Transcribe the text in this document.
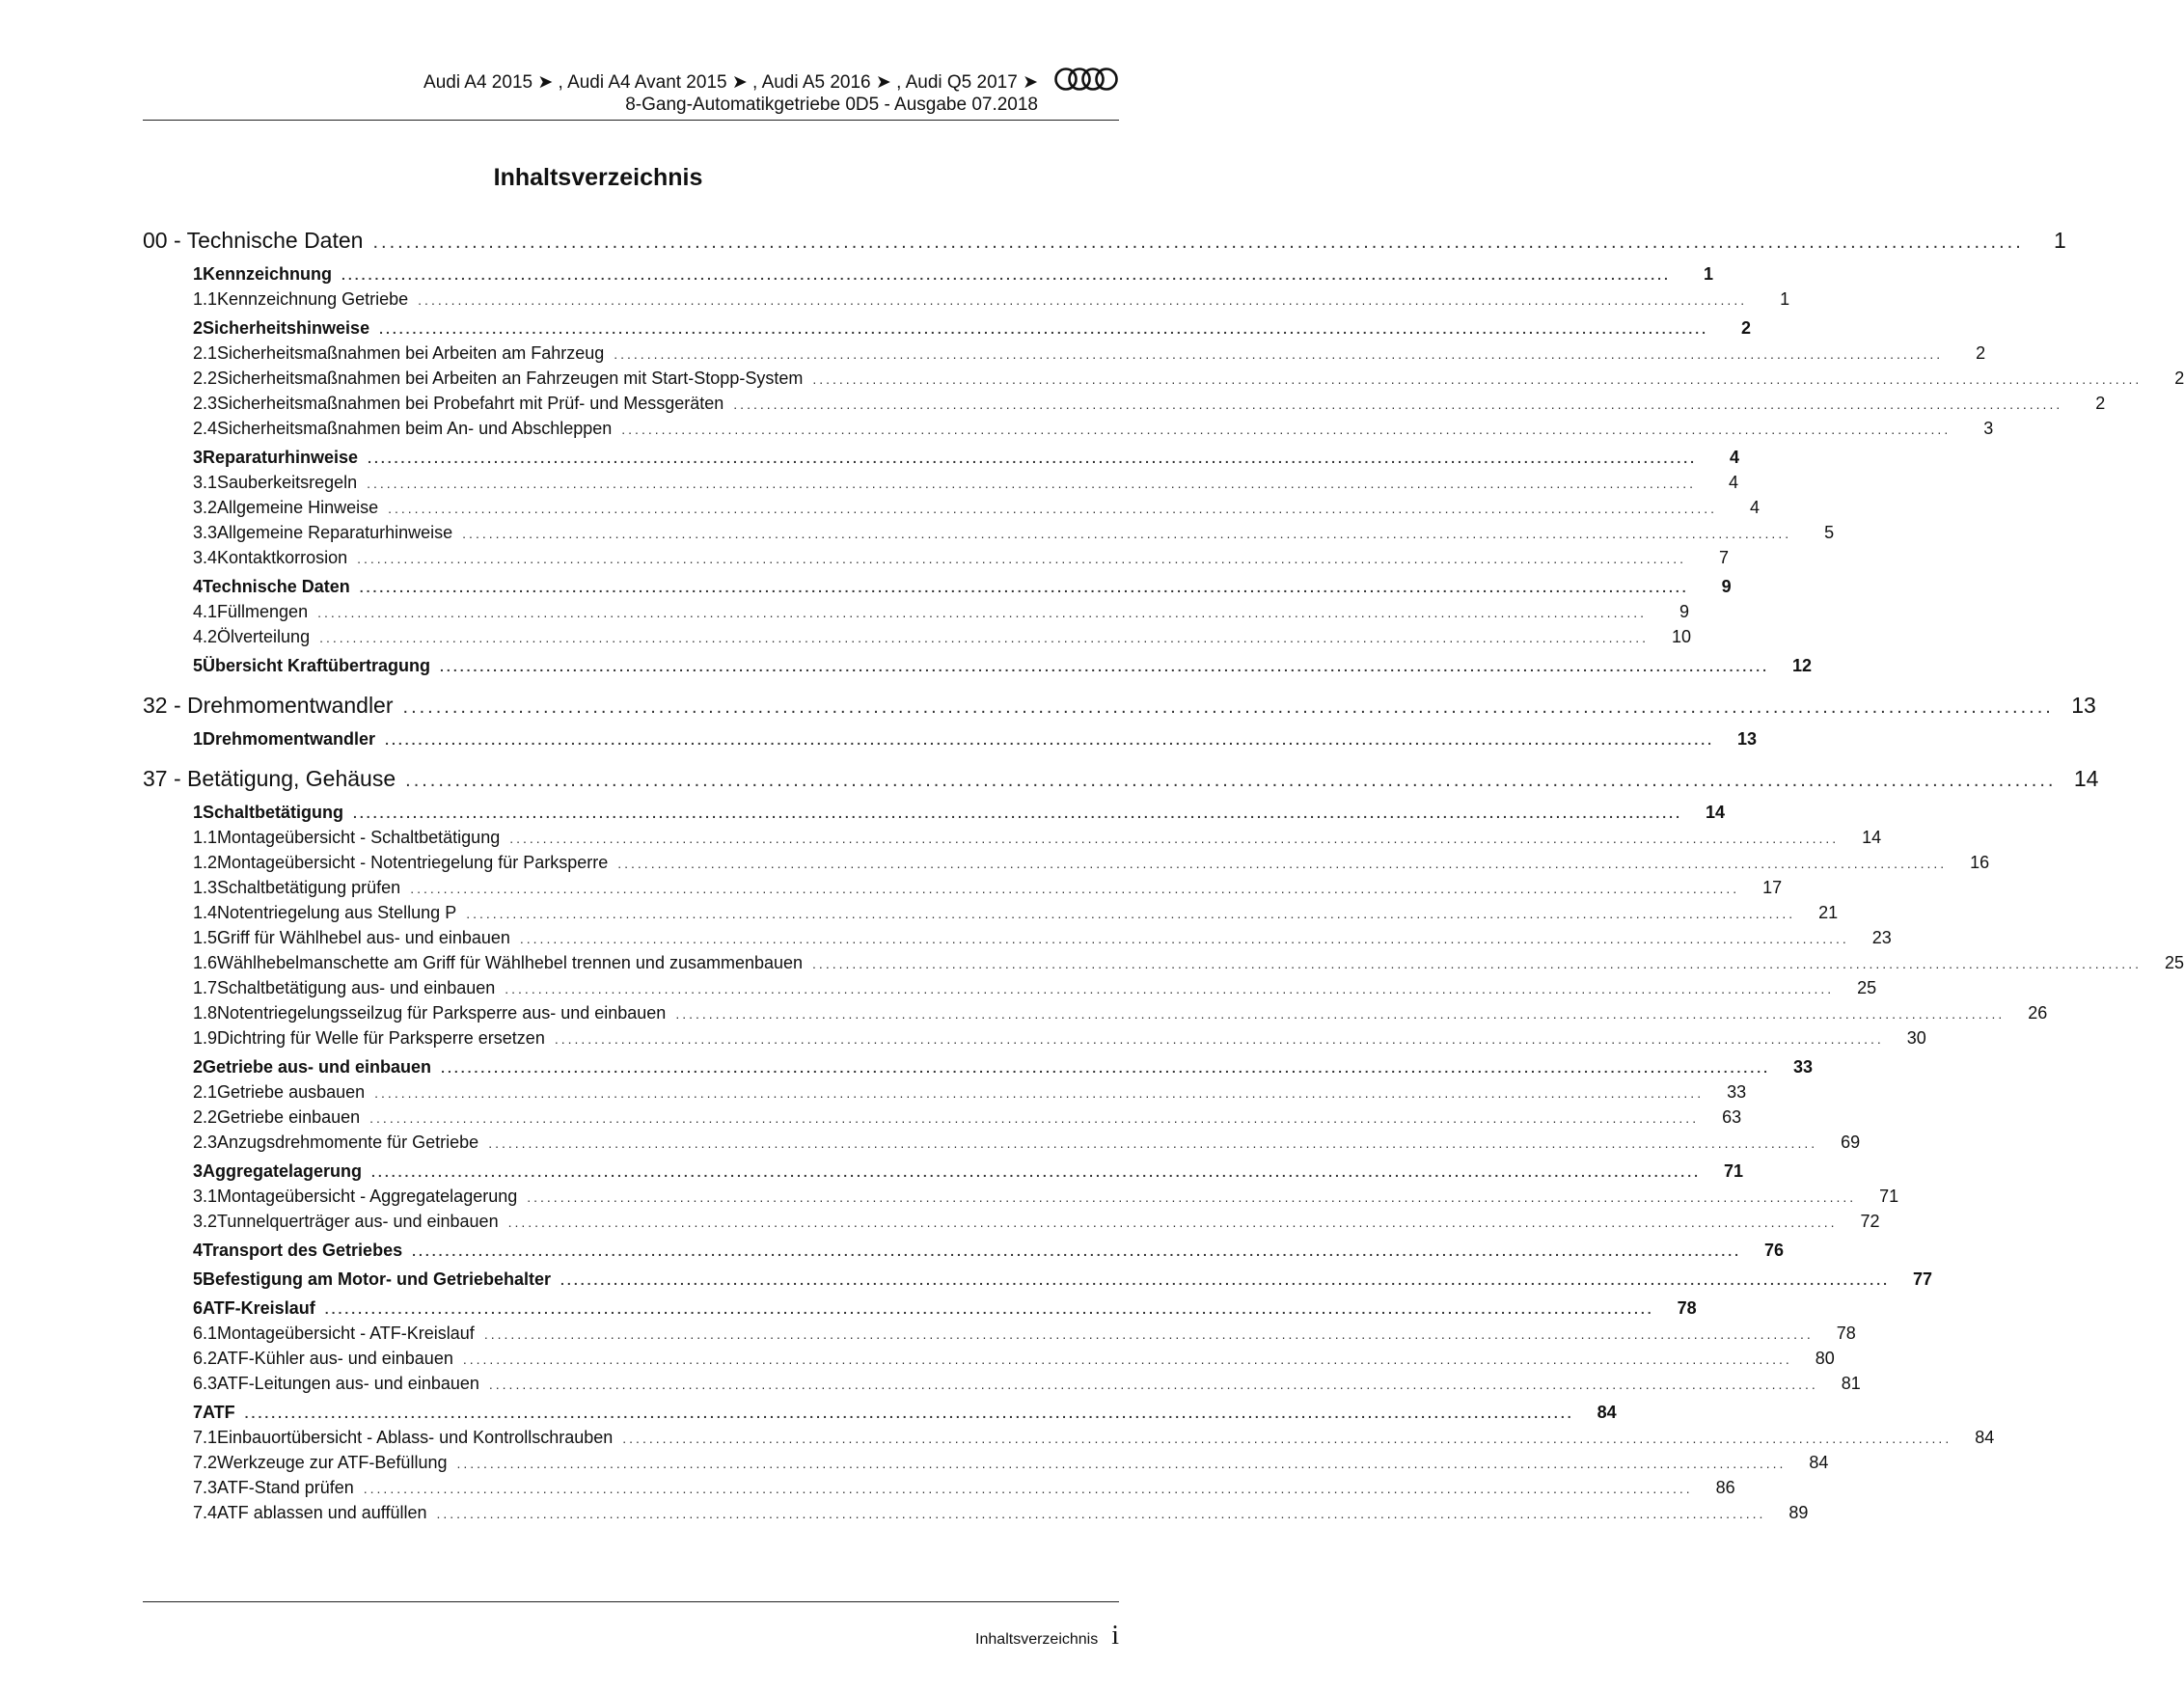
Audi A4 2015 ➤ , Audi A4 Avant 2015 ➤ , Audi A5 2016 ➤ , Audi Q5 2017 ➤
8-Gang-Automatikgetriebe 0D5 - Ausgabe 07.2018
Inhaltsverzeichnis
00 - Technische Daten ........................................................................................................................................................................................................	1
1 Kennzeichnung ........................................................................................................................................................................................................	1
1.1 Kennzeichnung Getriebe ........................................................................................................................................................................................................	1
2 Sicherheitshinweise ........................................................................................................................................................................................................	2
2.1 Sicherheitsmaßnahmen bei Arbeiten am Fahrzeug ........................................................................................................................................................................................................	2
2.2 Sicherheitsmaßnahmen bei Arbeiten an Fahrzeugen mit Start-Stopp-System ........................................................................................................................................................................................................	2
2.3 Sicherheitsmaßnahmen bei Probefahrt mit Prüf- und Messgeräten ........................................................................................................................................................................................................	2
2.4 Sicherheitsmaßnahmen beim An- und Abschleppen ........................................................................................................................................................................................................	3
3 Reparaturhinweise ........................................................................................................................................................................................................	4
3.1 Sauberkeitsregeln ........................................................................................................................................................................................................	4
3.2 Allgemeine Hinweise ........................................................................................................................................................................................................	4
3.3 Allgemeine Reparaturhinweise ........................................................................................................................................................................................................	5
3.4 Kontaktkorrosion ........................................................................................................................................................................................................	7
4 Technische Daten ........................................................................................................................................................................................................	9
4.1 Füllmengen ........................................................................................................................................................................................................	9
4.2 Ölverteilung ........................................................................................................................................................................................................	10
5 Übersicht Kraftübertragung ........................................................................................................................................................................................................	12
32 - Drehmomentwandler ........................................................................................................................................................................................................ 13
1 Drehmomentwandler ........................................................................................................................................................................................................	13
37 - Betätigung, Gehäuse ........................................................................................................................................................................................................ 14
1 Schaltbetätigung ........................................................................................................................................................................................................	14
1.1 Montageübersicht - Schaltbetätigung ........................................................................................................................................................................................................	14
1.2 Montageübersicht - Notentriegelung für Parksperre ........................................................................................................................................................................................................	16
1.3 Schaltbetätigung prüfen ........................................................................................................................................................................................................	17
1.4 Notentriegelung aus Stellung P ........................................................................................................................................................................................................	21
1.5 Griff für Wählhebel aus- und einbauen ........................................................................................................................................................................................................	23
1.6 Wählhebelmanschette am Griff für Wählhebel trennen und zusammenbauen ........................................................................................................................................................................................................	25
1.7 Schaltbetätigung aus- und einbauen ........................................................................................................................................................................................................	25
1.8 Notentriegelungsseilzug für Parksperre aus- und einbauen ........................................................................................................................................................................................................	26
1.9 Dichtring für Welle für Parksperre ersetzen ........................................................................................................................................................................................................	30
2 Getriebe aus- und einbauen ........................................................................................................................................................................................................	33
2.1 Getriebe ausbauen ........................................................................................................................................................................................................	33
2.2 Getriebe einbauen ........................................................................................................................................................................................................	63
2.3 Anzugsdrehmomente für Getriebe ........................................................................................................................................................................................................	69
3 Aggregatelagerung ........................................................................................................................................................................................................	71
3.1 Montageübersicht - Aggregatelagerung ........................................................................................................................................................................................................	71
3.2 Tunnelquerträger aus- und einbauen ........................................................................................................................................................................................................	72
4 Transport des Getriebes ........................................................................................................................................................................................................	76
5 Befestigung am Motor- und Getriebehalter ........................................................................................................................................................................................................	77
6 ATF-Kreislauf ........................................................................................................................................................................................................	78
6.1 Montageübersicht - ATF-Kreislauf ........................................................................................................................................................................................................	78
6.2 ATF-Kühler aus- und einbauen ........................................................................................................................................................................................................	80
6.3 ATF-Leitungen aus- und einbauen ........................................................................................................................................................................................................	81
7 ATF ........................................................................................................................................................................................................	84
7.1 Einbauortübersicht - Ablass- und Kontrollschrauben ........................................................................................................................................................................................................	84
7.2 Werkzeuge zur ATF-Befüllung ........................................................................................................................................................................................................	84
7.3 ATF-Stand prüfen ........................................................................................................................................................................................................	86
7.4 ATF ablassen und auffüllen ........................................................................................................................................................................................................	89
Inhaltsverzeichnis i
